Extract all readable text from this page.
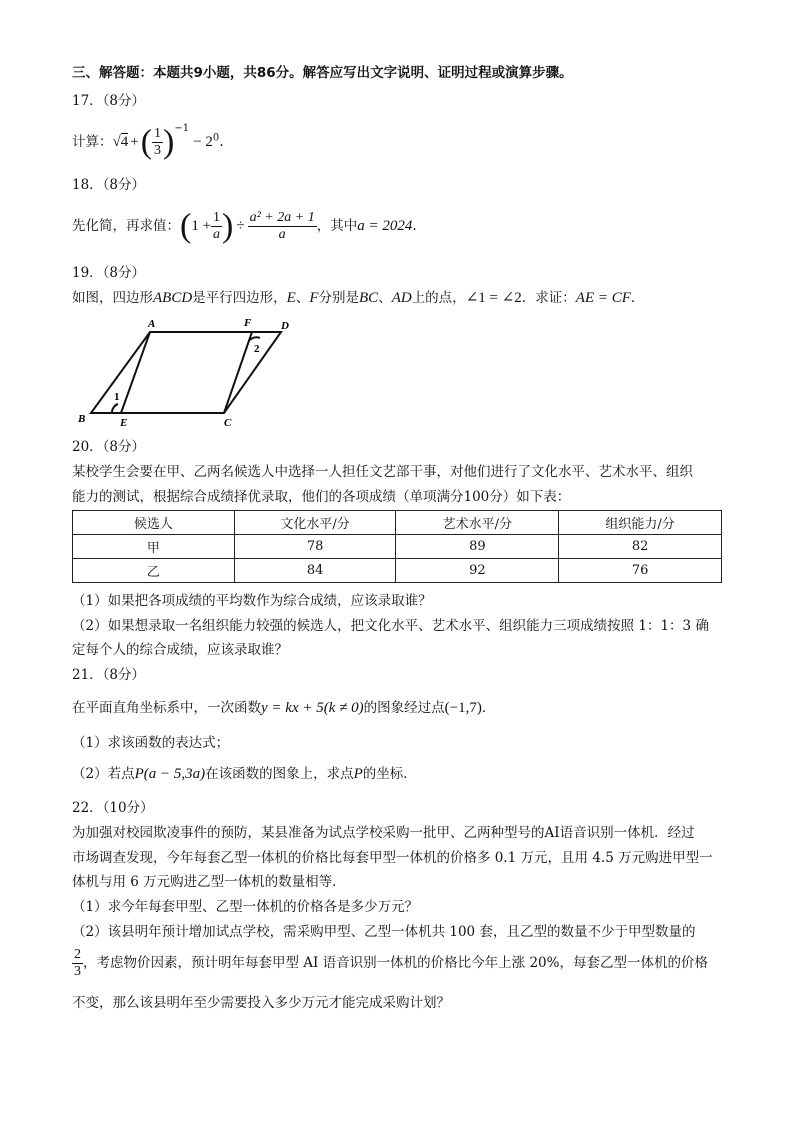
三、解答题：本题共9小题，共86分。解答应写出文字说明、证明过程或演算步骤。
17．（8分）
计算：√4 +( $\frac{1}{3} )^{-1}- 2^0$.
18．（8分）
先化简，再求值：($1 + \frac{1}{a}$ ) ÷ $\frac{\text{a² + 2a + 1}}{a}$ ，其中a = 2024.
19．（8分）
如图，四边形ABCD是平行四边形，E、F分别是BC、AD上的点，∠1 = ∠2．求证：AE = CF．
A
B	C
D
E
F
1
2
20．（8分）
某校学生会要在甲、乙两名候选人中选择一人担任文艺部干事，对他们进行了文化水平、艺术水平、组织
能力的测试，根据综合成绩择优录取，他们的各项成绩（单项满分100分）如下表：
候选人	文化水平/分	艺术水平/分	组织能力/分
甲	78	89	82
乙	84	92	76
（1）如果把各项成绩的平均数作为综合成绩，应该录取谁？
（2）如果想录取一名组织能力较强的候选人，把文化水平、艺术水平、组织能力三项成绩按照 1：1：3 确
定每个人的综合成绩，应该录取谁？
21．（8分）
在平面直角坐标系中，一次函数y = kx + 5(k ≠ 0)的图象经过点(−1,7)．
（1）求该函数的表达式；
（2）若点P(a − 5,3a)在该函数的图象上，求点P的坐标．
22．（10分）
为加强对校园欺凌事件的预防，某县准备为试点学校采购一批甲、乙两种型号的AI语音识别一体机．经过
市场调查发现，今年每套乙型一体机的价格比每套甲型一体机的价格多 0.1 万元，且用 4.5 万元购进甲型一
体机与用 6 万元购进乙型一体机的数量相等．
（1）求今年每套甲型、乙型一体机的价格各是多少万元？
（2）该县明年预计增加试点学校，需采购甲型、乙型一体机共 100 套，且乙型的数量不少于甲型数量的
$\frac{2}{3}$ ，考虑物价因素，预计明年每套甲型 AI 语音识别一体机的价格比今年上涨 20%，每套乙型一体机的价格
不变，那么该县明年至少需要投入多少万元才能完成采购计划？
